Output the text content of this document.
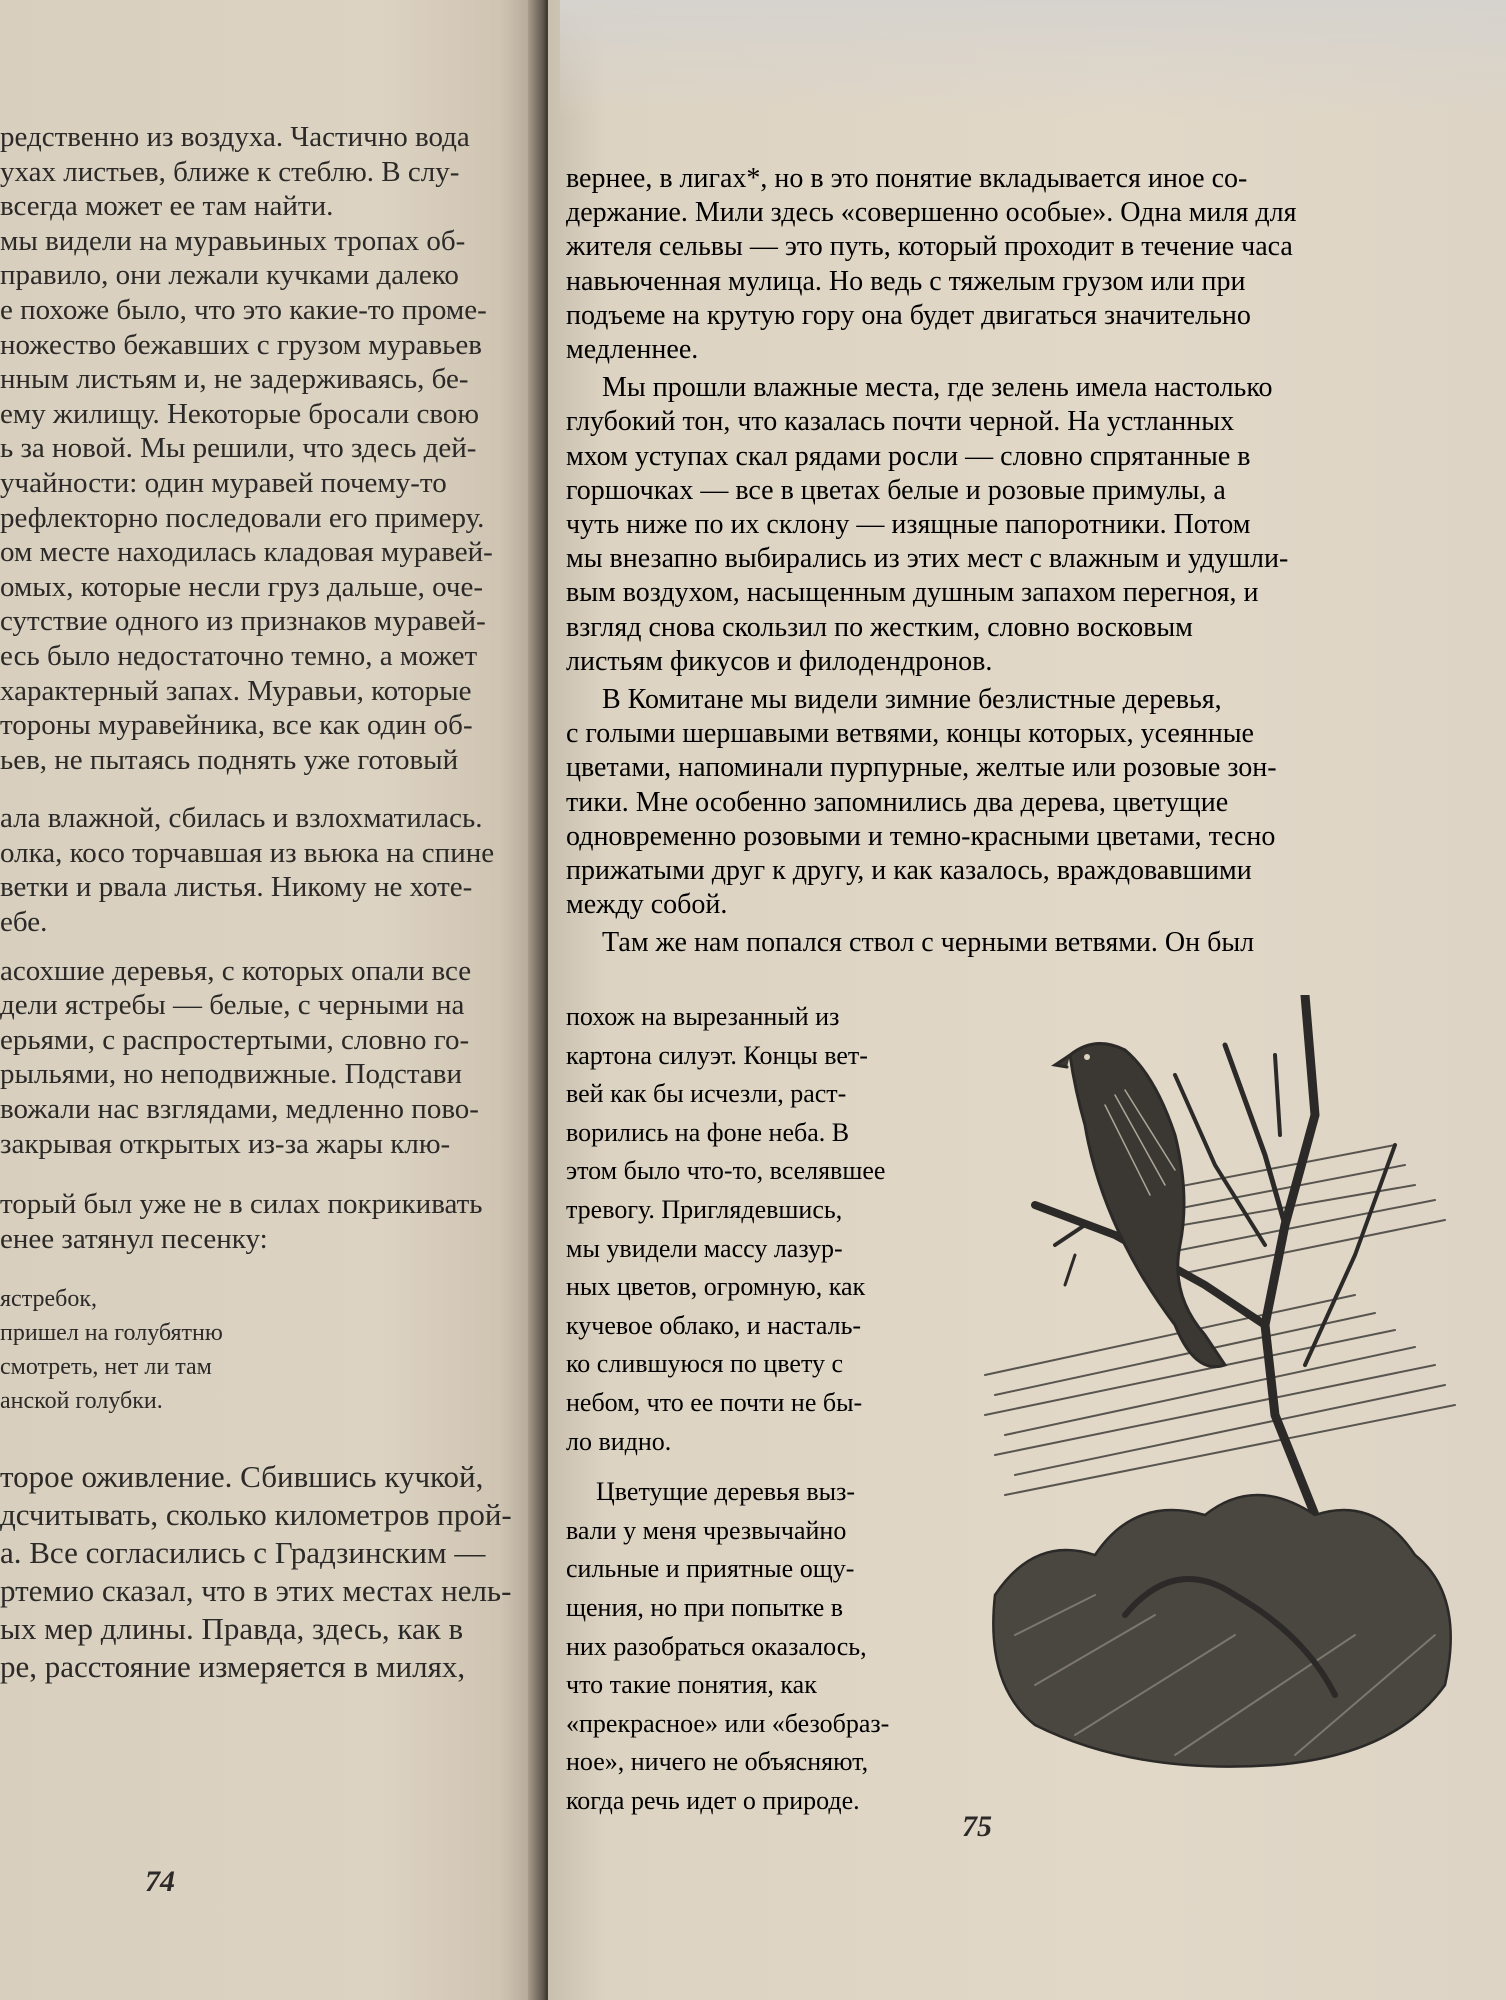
редственно из воздуха. Частично вода
ухах листьев, ближе к стеблю. В слу-
всегда может ее там найти.
мы видели на муравьиных тропах об-
правило, они лежали кучками далеко
е похоже было, что это какие-то проме-
ножество бежавших с грузом муравьев
нным листьям и, не задерживаясь, бе-
ему жилищу. Некоторые бросали свою
ь за новой. Мы решили, что здесь дей-
учайности: один муравей почему-то
рефлекторно последовали его примеру.
ом месте находилась кладовая муравей-
омых, которые несли груз дальше, оче-
сутствие одного из признаков муравей-
есь было недостаточно темно, а может
характерный запах. Муравьи, которые
тороны муравейника, все как один об-
ьев, не пытаясь поднять уже готовый
ала влажной, сбилась и взлохматилась.
олка, косо торчавшая из вьюка на спине
ветки и рвала листья. Никому не хоте-
ебе.
асохшие деревья, с которых опали все
дели ястребы — белые, с черными на
ерьями, с распростертыми, словно го-
рыльями, но неподвижные. Подстави
вожали нас взглядами, медленно пово-
закрывая открытых из-за жары клю-
торый был уже не в силах покрикивать
енее затянул песенку:
ястребок,
пришел на голубятню
смотреть, нет ли там
анской голубки.
торое оживление. Сбившись кучкой,
дсчитывать, сколько километров прой-
а. Все согласились с Градзинским —
ртемио сказал, что в этих местах нель-
ых мер длины. Правда, здесь, как в
ре, расстояние измеряется в милях,
74
вернее, в лигах*, но в это понятие вкладывается иное со-
держание. Мили здесь «совершенно особые». Одна миля для
жителя сельвы — это путь, который проходит в течение часа
навьюченная мулица. Но ведь с тяжелым грузом или при
подъеме на крутую гору она будет двигаться значительно
медленнее.
Мы прошли влажные места, где зелень имела настолько
глубокий тон, что казалась почти черной. На устланных
мхом уступах скал рядами росли — словно спрятанные в
горшочках — все в цветах белые и розовые примулы, а
чуть ниже по их склону — изящные папоротники. Потом
мы внезапно выбирались из этих мест с влажным и удушли-
вым воздухом, насыщенным душным запахом перегноя, и
взгляд снова скользил по жестким, словно восковым
листьям фикусов и филодендронов.
В Комитане мы видели зимние безлистные деревья,
с голыми шершавыми ветвями, концы которых, усеянные
цветами, напоминали пурпурные, желтые или розовые зон-
тики. Мне особенно запомнились два дерева, цветущие
одновременно розовыми и темно-красными цветами, тесно
прижатыми друг к другу, и как казалось, враждовавшими
между собой.
Там же нам попался ствол с черными ветвями. Он был
похож на вырезанный из
картона силуэт. Концы вет-
вей как бы исчезли, раст-
ворились на фоне неба. В
этом было что-то, вселявшее
тревогу. Приглядевшись,
мы увидели массу лазур-
ных цветов, огромную, как
кучевое облако, и насталь-
ко слившуюся по цвету с
небом, что ее почти не бы-
ло видно.
Цветущие деревья выз-
вали у меня чрезвычайно
сильные и приятные ощу-
щения, но при попытке в
них разобраться оказалось,
что такие понятия, как
«прекрасное» или «безобраз-
ное», ничего не объясняют,
когда речь идет о природе.
75
